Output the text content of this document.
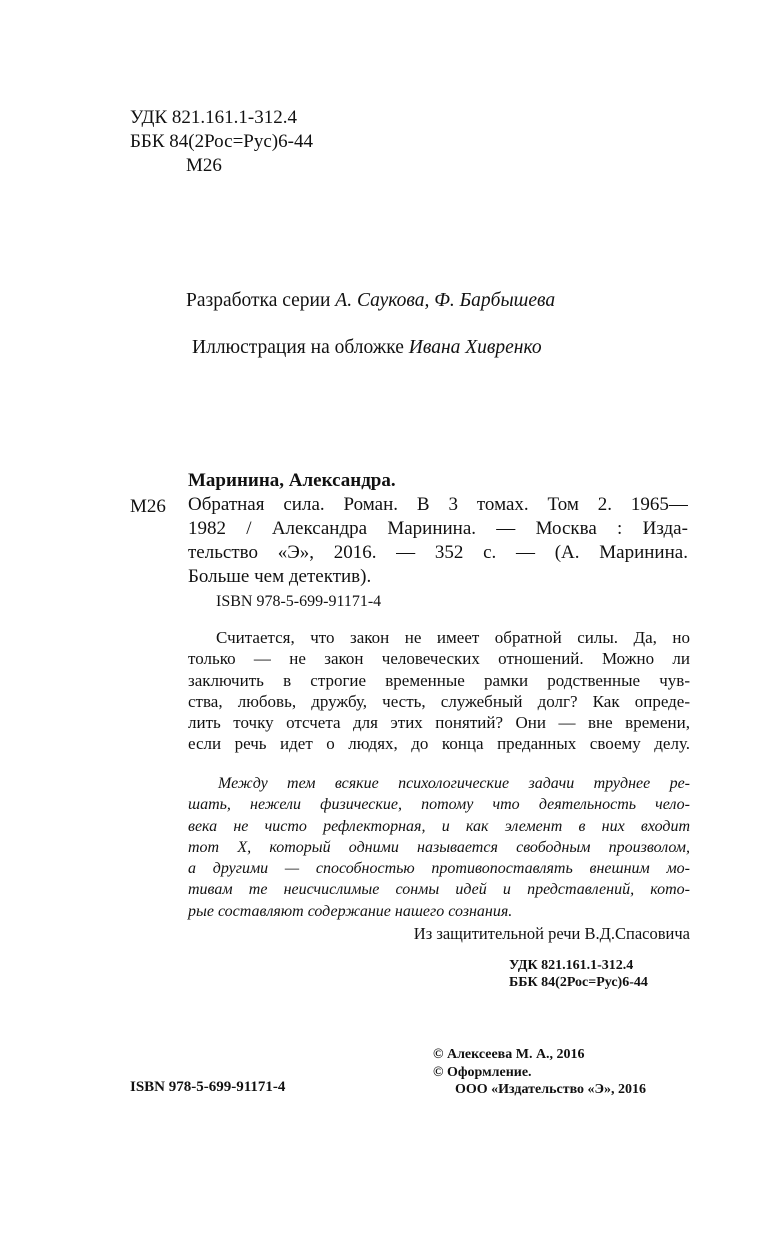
УДК 821.161.1-312.4
ББК 84(2Рос=Рус)6-44
М26
Разработка серии А. Саукова, Ф. Барбышева
Иллюстрация на обложке Ивана Хивренко
Маринина, Александра.
М26 Обратная сила. Роман. В 3 томах. Том 2. 1965—
1982 / Александра Маринина. — Москва : Изда-
тельство «Э», 2016. — 352 с. — (А. Маринина.
Больше чем детектив).
ISBN 978-5-699-91171-4
Считается, что закон не имеет обратной силы. Да, но
только — не закон человеческих отношений. Можно ли
заключить в строгие временные рамки родственные чув-
ства, любовь, дружбу, честь, служебный долг? Как опреде-
лить точку отсчета для этих понятий? Они — вне времени,
если речь идет о людях, до конца преданных своему делу.
Между тем всякие психологические задачи труднее ре-
шать, нежели физические, потому что деятельность чело-
века не чисто рефлекторная, и как элемент в них входит
тот X, который одними называется свободным произволом,
а другими — способностью противопоставлять внешним мо-
тивам те неисчислимые сонмы идей и представлений, кото-
рые составляют содержание нашего сознания.
Из защитительной речи В.Д.Спасовича
УДК 821.161.1-312.4
ББК 84(2Рос=Рус)6-44
© Алексеева М. А., 2016
© Оформление.
ООО «Издательство «Э», 2016
ISBN 978-5-699-91171-4
